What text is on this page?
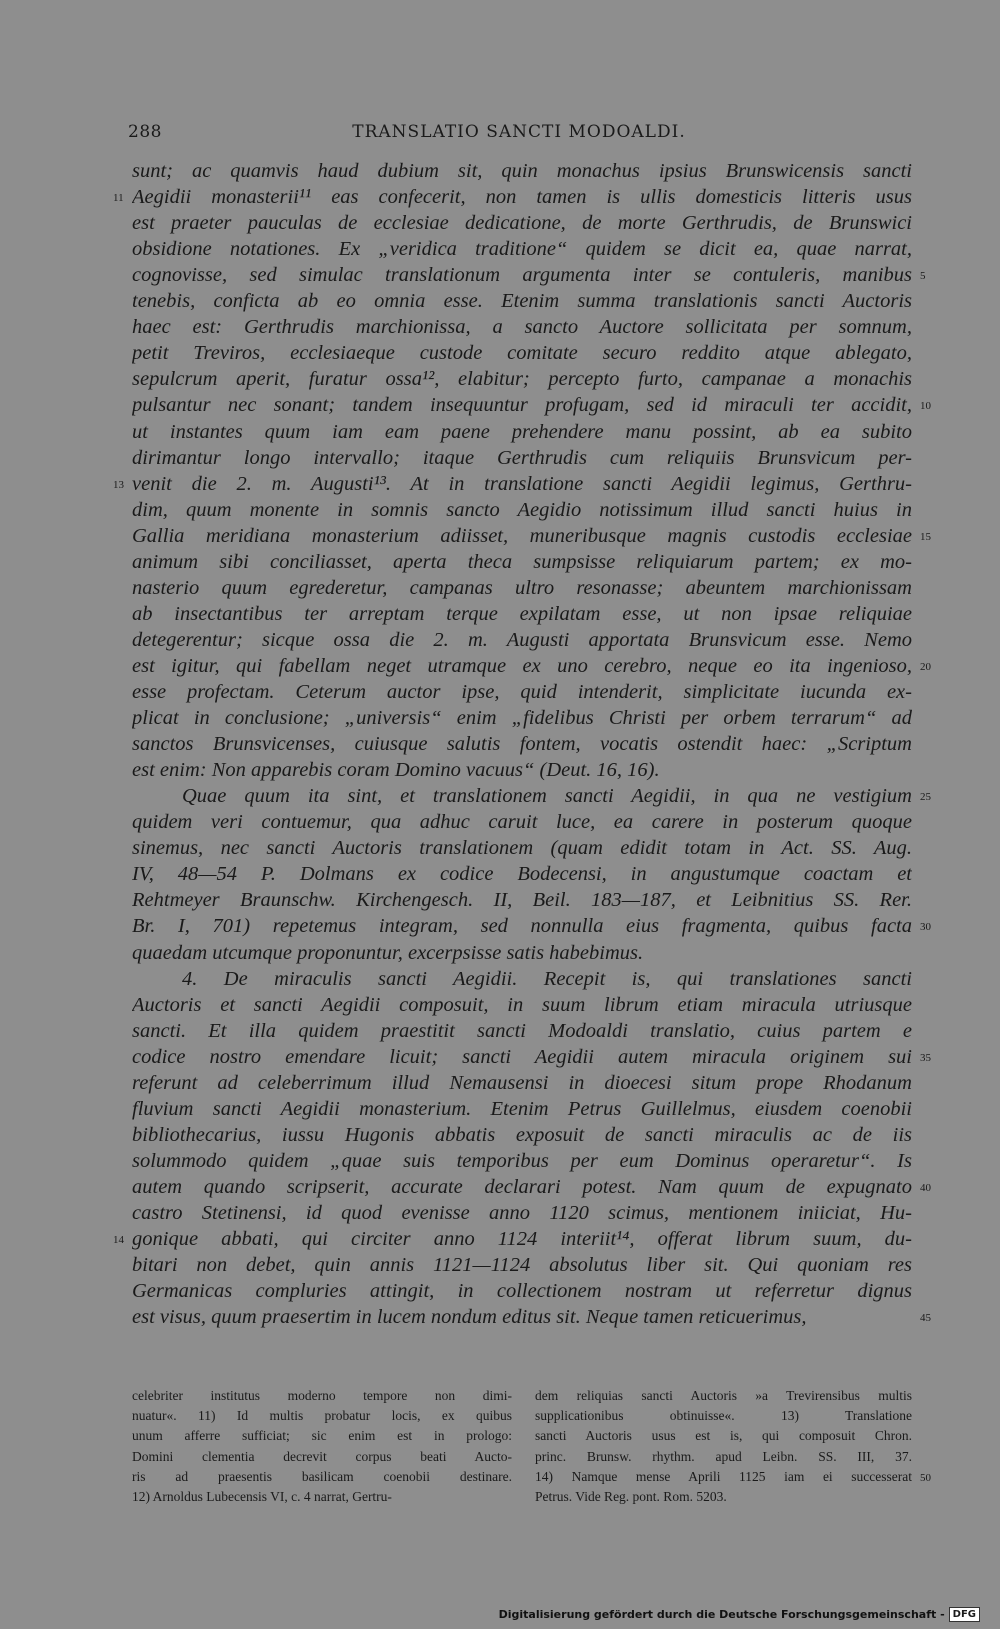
288	TRANSLATIO SANCTI MODOALDI.
sunt; ac quamvis haud dubium sit, quin monachus ipsius Brunswicensis sancti
Aegidii monasterii¹¹ eas confecerit, non tamen is ullis domesticis litteris usus
est praeter pauculas de ecclesiae dedicatione, de morte Gerthrudis, de Brunswici
obsidione notationes. Ex „veridica traditione“ quidem se dicit ea, quae narrat,
cognovisse, sed simulac translationum argumenta inter se contuleris, manibus
tenebis, conficta ab eo omnia esse. Etenim summa translationis sancti Auctoris
haec est: Gerthrudis marchionissa, a sancto Auctore sollicitata per somnum,
petit Treviros, ecclesiaeque custode comitate securo reddito atque ablegato,
sepulcrum aperit, furatur ossa¹², elabitur; percepto furto, campanae a monachis
pulsantur nec sonant; tandem insequuntur profugam, sed id miraculi ter accidit,
ut instantes quum iam eam paene prehendere manu possint, ab ea subito
dirimantur longo intervallo; itaque Gerthrudis cum reliquiis Brunsvicum per-
venit die 2. m. Augusti¹³. At in translatione sancti Aegidii legimus, Gerthru-
dim, quum monente in somnis sancto Aegidio notissimum illud sancti huius in
Gallia meridiana monasterium adiisset, muneribusque magnis custodis ecclesiae
animum sibi conciliasset, aperta theca sumpsisse reliquiarum partem; ex mo-
nasterio quum egrederetur, campanas ultro resonasse; abeuntem marchionissam
ab insectantibus ter arreptam terque expilatam esse, ut non ipsae reliquiae
detegerentur; sicque ossa die 2. m. Augusti apportata Brunsvicum esse. Nemo
est igitur, qui fabellam neget utramque ex uno cerebro, neque eo ita ingenioso,
esse profectam. Ceterum auctor ipse, quid intenderit, simplicitate iucunda ex-
plicat in conclusione; „universis“ enim „fidelibus Christi per orbem terrarum“ ad
sanctos Brunsvicenses, cuiusque salutis fontem, vocatis ostendit haec: „Scriptum
est enim: Non apparebis coram Domino vacuus“ (Deut. 16, 16).
Quae quum ita sint, et translationem sancti Aegidii, in qua ne vestigium
quidem veri contuemur, qua adhuc caruit luce, ea carere in posterum quoque
sinemus, nec sancti Auctoris translationem (quam edidit totam in Act. SS. Aug.
IV, 48—54 P. Dolmans ex codice Bodecensi, in angustumque coactam et
Rehtmeyer Braunschw. Kirchengesch. II, Beil. 183—187, et Leibnitius SS. Rer.
Br. I, 701) repetemus integram, sed nonnulla eius fragmenta, quibus facta
quaedam utcumque proponuntur, excerpsisse satis habebimus.
4. De miraculis sancti Aegidii. Recepit is, qui translationes sancti
Auctoris et sancti Aegidii composuit, in suum librum etiam miracula utriusque
sancti. Et illa quidem praestitit sancti Modoaldi translatio, cuius partem e
codice nostro emendare licuit; sancti Aegidii autem miracula originem sui
referunt ad celeberrimum illud Nemausensi in dioecesi situm prope Rhodanum
fluvium sancti Aegidii monasterium. Etenim Petrus Guillelmus, eiusdem coenobii
bibliothecarius, iussu Hugonis abbatis exposuit de sancti miraculis ac de iis
solummodo quidem „quae suis temporibus per eum Dominus operaretur“. Is
autem quando scripserit, accurate declarari potest. Nam quum de expugnato
castro Stetinensi, id quod evenisse anno 1120 scimus, mentionem iniiciat, Hu-
gonique abbati, qui circiter anno 1124 interiit¹⁴, offerat librum suum, du-
bitari non debet, quin annis 1121—1124 absolutus liber sit. Qui quoniam res
Germanicas compluries attingit, in collectionem nostram ut referretur dignus
est visus, quum praesertim in lucem nondum editus sit. Neque tamen reticuerimus,
5
10
15
20
25
30
35
40
45
11
13
14
celebriter institutus moderno tempore non dimi-
nuatur«. 11) Id multis probatur locis, ex quibus
unum afferre sufficiat; sic enim est in prologo:
Domini clementia decrevit corpus beati Aucto-
ris ad praesentis basilicam coenobii destinare.
12) Arnoldus Lubecensis VI, c. 4 narrat, Gertru-
dem reliquias sancti Auctoris »a Trevirensibus multis
supplicationibus obtinuisse«. 13) Translatione
sancti Auctoris usus est is, qui composuit Chron.
princ. Brunsw. rhythm. apud Leibn. SS. III, 37.
14) Namque mense Aprili 1125 iam ei successerat
Petrus. Vide Reg. pont. Rom. 5203.
50
Digitalisierung gefördert durch die Deutsche Forschungsgemeinschaft - DFG
